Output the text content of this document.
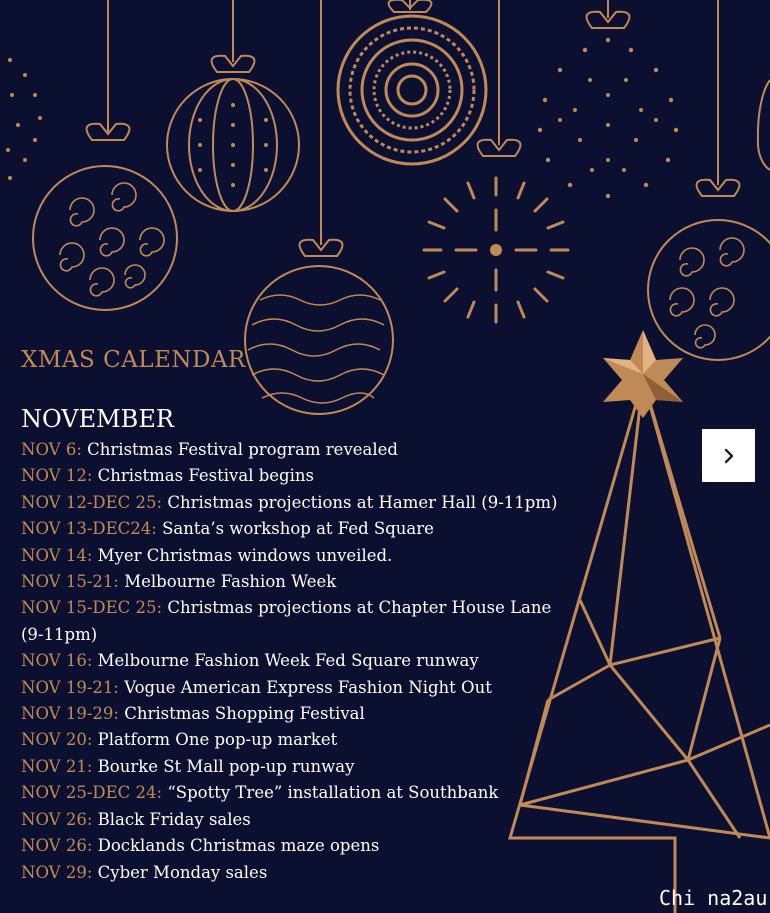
XMAS CALENDAR
NOVEMBER
NOV 6: Christmas Festival program revealed
NOV 12: Christmas Festival begins
NOV 12-DEC 25: Christmas projections at Hamer Hall (9-11pm)
NOV 13-DEC24: Santa’s workshop at Fed Square
NOV 14: Myer Christmas windows unveiled.
NOV 15-21: Melbourne Fashion Week
NOV 15-DEC 25: Christmas projections at Chapter House Lane (9-11pm)
NOV 16: Melbourne Fashion Week Fed Square runway
NOV 19-21: Vogue American Express Fashion Night Out
NOV 19-29: Christmas Shopping Festival
NOV 20: Platform One pop-up market
NOV 21: Bourke St Mall pop-up runway
NOV 25-DEC 24: “Spotty Tree” installation at Southbank
NOV 26: Black Friday sales
NOV 26: Docklands Christmas maze opens
NOV 29: Cyber Monday sales
Chi na2au
